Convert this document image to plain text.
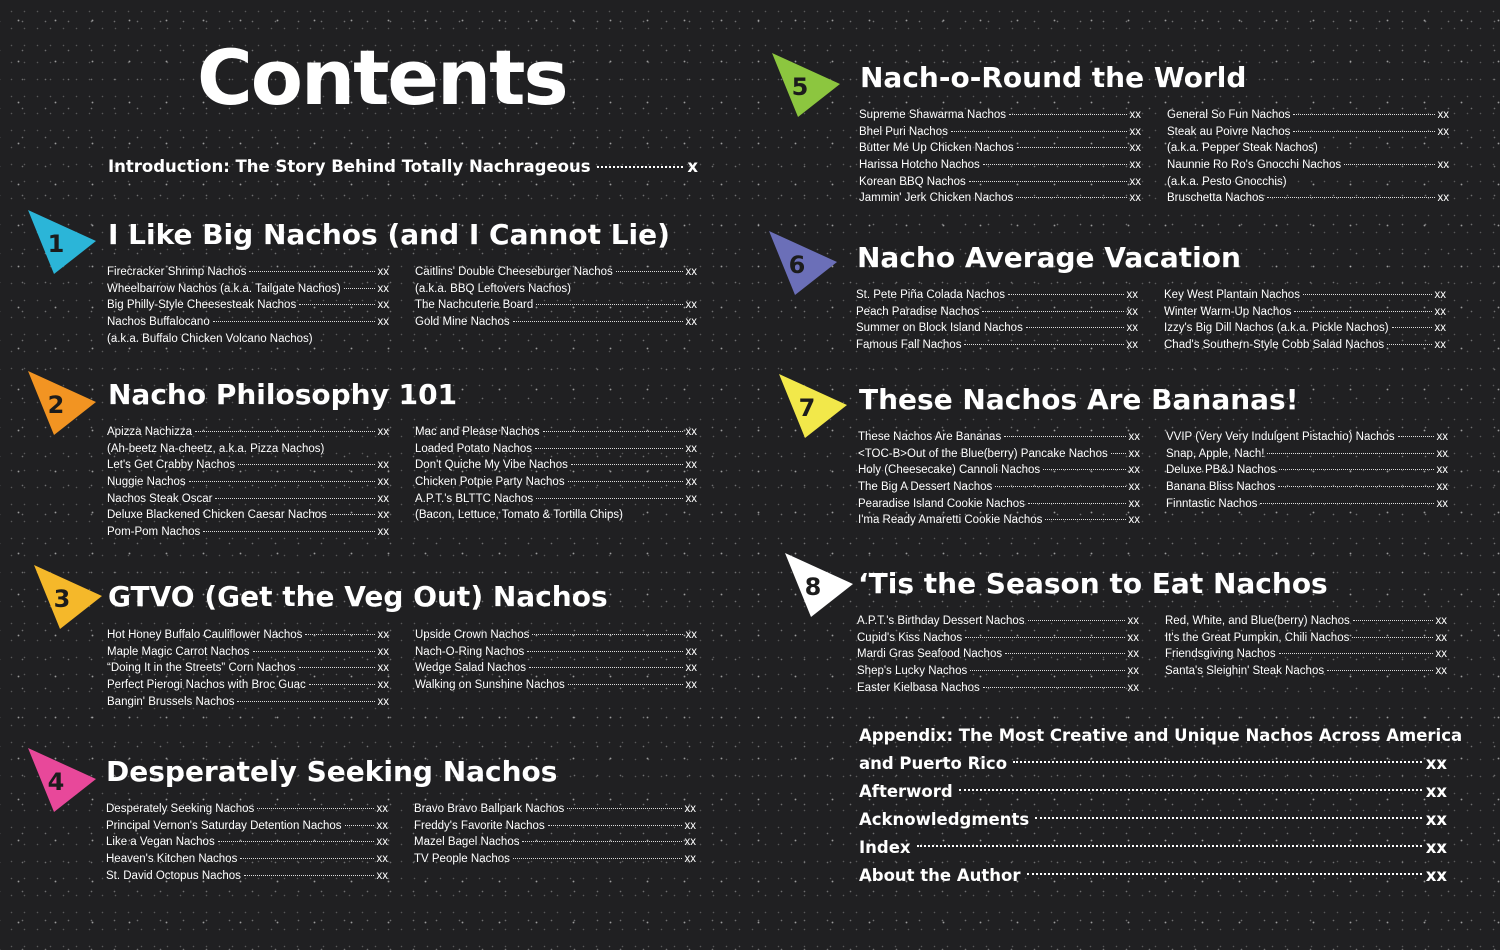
Contents
Introduction: The Story Behind Totally Nachrageous	x
1 I Like Big Nachos (and I Cannot Lie)
Firecracker Shrimp Nachos	xx
Wheelbarrow Nachos (a.k.a. Tailgate Nachos)	xx
Big Philly-Style Cheesesteak Nachos	xx
Nachos Buffalocano	xx
(a.k.a. Buffalo Chicken Volcano Nachos)
Caitlins' Double Cheeseburger Nachos	xx
(a.k.a. BBQ Leftovers Nachos)
The Nachcuterie Board	xx
Gold Mine Nachos	xx
2 Nacho Philosophy 101
Apizza Nachizza	xx
(Ah-beetz Na-cheetz, a.k.a. Pizza Nachos)
Let's Get Crabby Nachos	xx
Nuggie Nachos	xx
Nachos Steak Oscar	xx
Deluxe Blackened Chicken Caesar Nachos	xx
Pom-Pom Nachos	xx
Mac and Please Nachos	xx
Loaded Potato Nachos	xx
Don't Quiche My Vibe Nachos	xx
Chicken Potpie Party Nachos	xx
A.P.T.'s BLTTC Nachos	xx
(Bacon, Lettuce, Tomato & Tortilla Chips)
3 GTVO (Get the Veg Out) Nachos
Hot Honey Buffalo Cauliflower Nachos	xx
Maple Magic Carrot Nachos	xx
“Doing It in the Streets” Corn Nachos	xx
Perfect Pierogi Nachos with Broc Guac	xx
Bangin' Brussels Nachos	xx
Upside Crown Nachos	xx
Nach-O-Ring Nachos	xx
Wedge Salad Nachos	xx
Walking on Sunshine Nachos	xx
4 Desperately Seeking Nachos
Desperately Seeking Nachos	xx
Principal Vernon's Saturday Detention Nachos	xx
Like a Vegan Nachos	xx
Heaven's Kitchen Nachos	xx
St. David Octopus Nachos	xx
Bravo Bravo Ballpark Nachos	xx
Freddy's Favorite Nachos	xx
Mazel Bagel Nachos	xx
TV People Nachos	xx
5 Nach-o-Round the World
Supreme Shawarma Nachos	xx
Bhel Puri Nachos	xx
Butter Me Up Chicken Nachos	xx
Harissa Hotcho Nachos	xx
Korean BBQ Nachos	xx
Jammin' Jerk Chicken Nachos	xx
General So Fun Nachos	xx
Steak au Poivre Nachos	xx
(a.k.a. Pepper Steak Nachos)
Naunnie Ro Ro's Gnocchi Nachos	xx
(a.k.a. Pesto Gnocchis)
Bruschetta Nachos	xx
6 Nacho Average Vacation
St. Pete Piña Colada Nachos	xx
Peach Paradise Nachos	xx
Summer on Block Island Nachos	xx
Famous Fall Nachos	xx
Key West Plantain Nachos	xx
Winter Warm-Up Nachos	xx
Izzy's Big Dill Nachos (a.k.a. Pickle Nachos)	xx
Chad's Southern-Style Cobb Salad Nachos	xx
7 These Nachos Are Bananas!
These Nachos Are Bananas	xx
<TOC-B>Out of the Blue(berry) Pancake Nachos xx
Holy (Cheesecake) Cannoli Nachos	xx
The Big A Dessert Nachos	xx
Pearadise Island Cookie Nachos	xx
I'ma Ready Amaretti Cookie Nachos	xx
VVIP (Very Very Indulgent Pistachio) Nachos	xx
Snap, Apple, Nach!	xx
Deluxe PB&J Nachos	xx
Banana Bliss Nachos	xx
Finntastic Nachos	xx
8 ‘Tis the Season to Eat Nachos
A.P.T.'s Birthday Dessert Nachos	xx
Cupid's Kiss Nachos	xx
Mardi Gras Seafood Nachos	xx
Shep's Lucky Nachos	xx
Easter Kielbasa Nachos	xx
Red, White, and Blue(berry) Nachos	xx
It's the Great Pumpkin, Chili Nachos	xx
Friendsgiving Nachos	xx
Santa's Sleighin' Steak Nachos	xx
Appendix: The Most Creative and Unique Nachos Across America
and Puerto Rico	xx
Afterword	xx
Acknowledgments	xx
Index	xx
About the Author	xx
